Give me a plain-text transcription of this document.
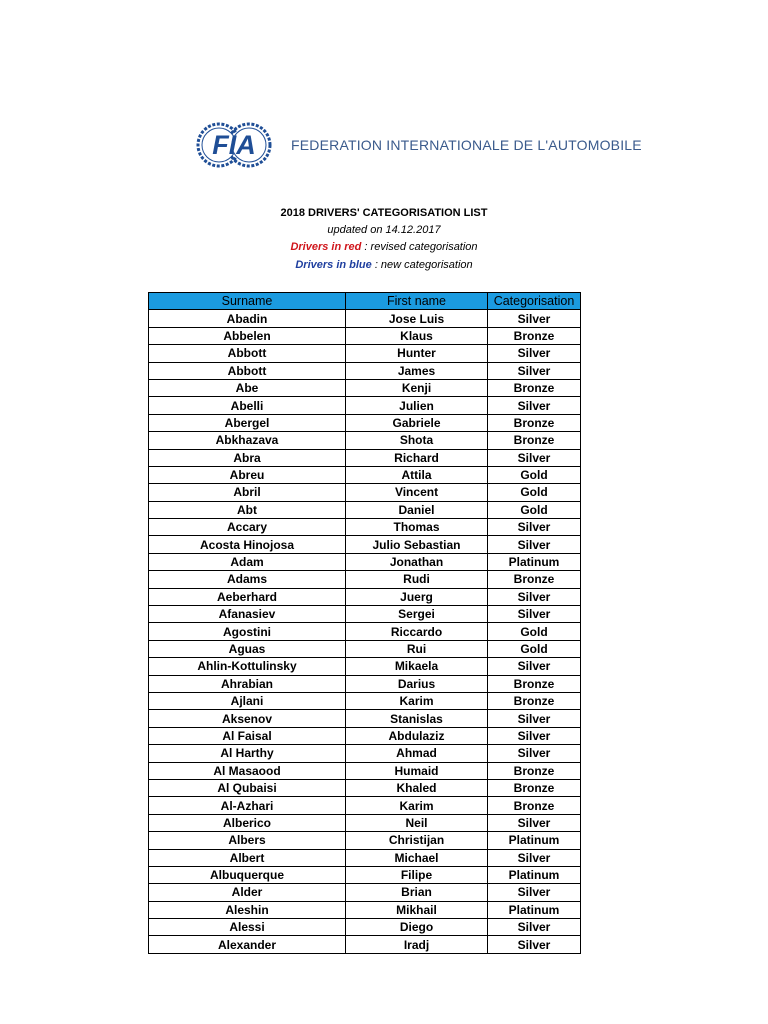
FIA	FEDERATION INTERNATIONALE DE L'AUTOMOBILE
2018 DRIVERS' CATEGORISATION LIST
updated on 14.12.2017
Drivers in red : revised categorisation
Drivers in blue : new categorisation
Surname	First name	Categorisation
Abadin	Jose Luis	Silver
Abbelen	Klaus	Bronze
Abbott	Hunter	Silver
Abbott	James	Silver
Abe	Kenji	Bronze
Abelli	Julien	Silver
Abergel	Gabriele	Bronze
Abkhazava	Shota	Bronze
Abra	Richard	Silver
Abreu	Attila	Gold
Abril	Vincent	Gold
Abt	Daniel	Gold
Accary	Thomas	Silver
Acosta Hinojosa	Julio Sebastian	Silver
Adam	Jonathan	Platinum
Adams	Rudi	Bronze
Aeberhard	Juerg	Silver
Afanasiev	Sergei	Silver
Agostini	Riccardo	Gold
Aguas	Rui	Gold
Ahlin-Kottulinsky	Mikaela	Silver
Ahrabian	Darius	Bronze
Ajlani	Karim	Bronze
Aksenov	Stanislas	Silver
Al Faisal	Abdulaziz	Silver
Al Harthy	Ahmad	Silver
Al Masaood	Humaid	Bronze
Al Qubaisi	Khaled	Bronze
Al-Azhari	Karim	Bronze
Alberico	Neil	Silver
Albers	Christijan	Platinum
Albert	Michael	Silver
Albuquerque	Filipe	Platinum
Alder	Brian	Silver
Aleshin	Mikhail	Platinum
Alessi	Diego	Silver
Alexander	Iradj	Silver
